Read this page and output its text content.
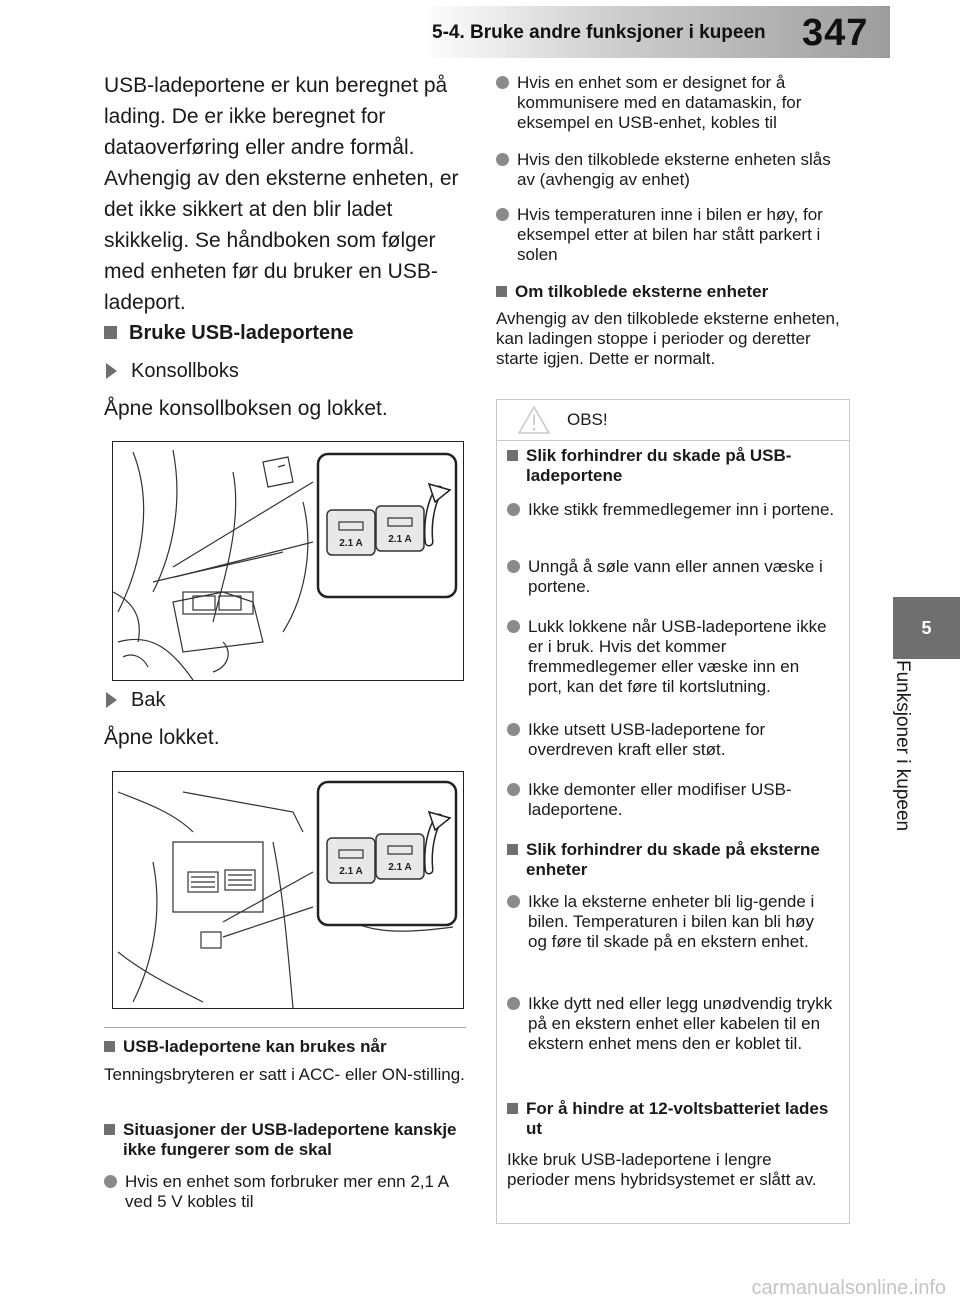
5-4. Bruke andre funksjoner i kupeen 347
5
Funksjoner i kupeen

USB-ladeportene er kun beregnet på lading. De er ikke beregnet for dataoverføring eller andre formål. Avhengig av den eksterne enheten, er det ikke sikkert at den blir ladet skikkelig. Se håndboken som følger med enheten før du bruker en USB-ladeport.

Bruke USB-ladeportene
Konsollboks
Åpne konsollboksen og lokket.
2.1 A	2.1 A
Bak
Åpne lokket.
2.1 A	2.1 A
USB-ladeportene kan brukes når
Tenningsbryteren er satt i ACC- eller ON-stilling.
Situasjoner der USB-ladeportene kanskje ikke fungerer som de skal
Hvis en enhet som forbruker mer enn 2,1 A ved 5 V kobles til
Hvis en enhet som er designet for å kommunisere med en datamaskin, for eksempel en USB-enhet, kobles til
Hvis den tilkoblede eksterne enheten slås av (avhengig av enhet)
Hvis temperaturen inne i bilen er høy, for eksempel etter at bilen har stått parkert i solen
Om tilkoblede eksterne enheter
Avhengig av den tilkoblede eksterne enheten, kan ladingen stoppe i perioder og deretter starte igjen. Dette er normalt.
OBS!
Slik forhindrer du skade på USB-ladeportene
Ikke stikk fremmedlegemer inn i portene.
Unngå å søle vann eller annen væske i portene.
Lukk lokkene når USB-ladeportene ikke er i bruk. Hvis det kommer fremmedlegemer eller væske inn en port, kan det føre til kortslutning.
Ikke utsett USB-ladeportene for overdreven kraft eller støt.
Ikke demonter eller modifiser USB-ladeportene.
Slik forhindrer du skade på eksterne enheter
Ikke la eksterne enheter bli lig-gende i bilen. Temperaturen i bilen kan bli høy og føre til skade på en ekstern enhet.
Ikke dytt ned eller legg unødvendig trykk på en ekstern enhet eller kabelen til en ekstern enhet mens den er koblet til.
For å hindre at 12-voltsbatteriet lades ut
Ikke bruk USB-ladeportene i lengre perioder mens hybridsystemet er slått av.
carmanualsonline.info
